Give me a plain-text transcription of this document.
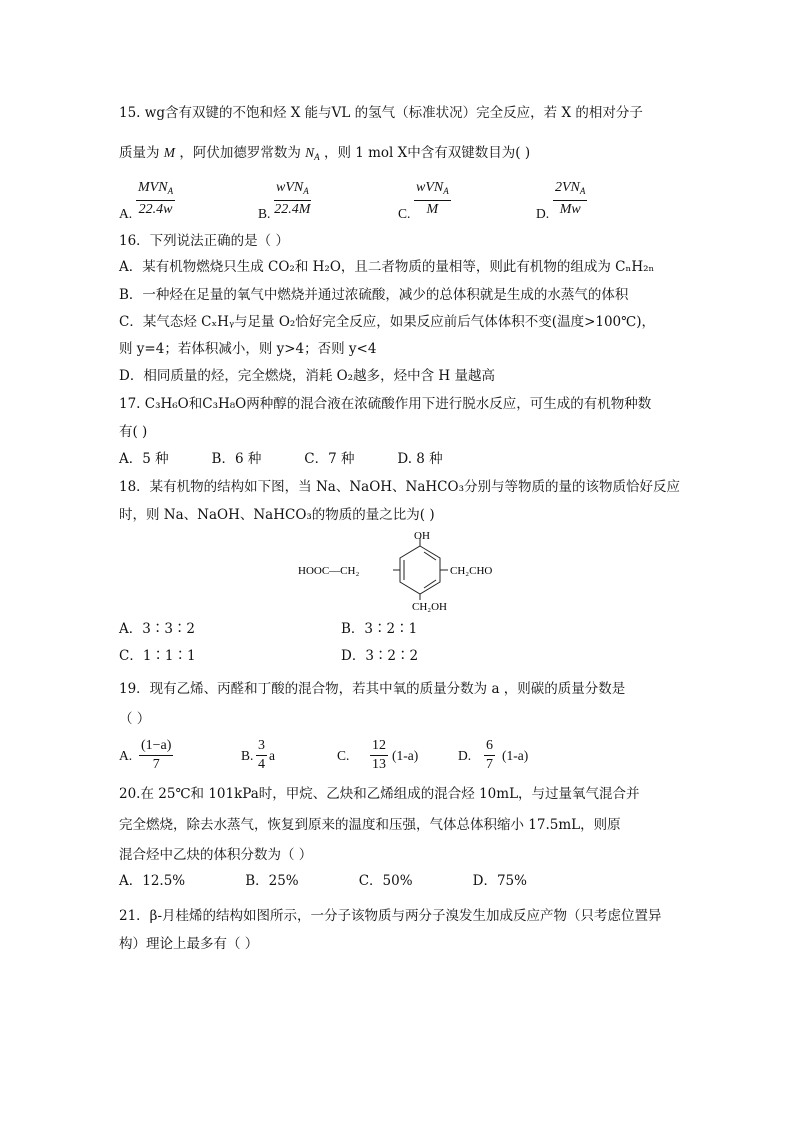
15. wg含有双键的不饱和烃 X 能与VL 的氢气（标准状况）完全反应，若 X 的相对分子
质量为 M ，阿伏加德罗常数为 $N_A$ ，则 1 mol X中含有双键数目为( )
A.
$MVN_A$
22.4w	B.
wVN$_A$
22.4M	C.
wVN$_A$
M	D.
$2VN_A$
Mw
16．下列说法正确的是（ ）
A．某有机物燃烧只生成 CO₂和 H₂O，且二者物质的量相等，则此有机物的组成为 CₙH₂ₙ
B．一种烃在足量的氧气中燃烧并通过浓硫酸，减少的总体积就是生成的水蒸气的体积
C．某气态烃 CₓHᵧ与足量 O₂恰好完全反应，如果反应前后气体体积不变(温度>100℃)，
则 y=4；若体积减小，则 y>4；否则 y<4
D．相同质量的烃，完全燃烧，消耗 O₂越多，烃中含 H 量越高
17. C₃H₆O和C₃H₈O两种醇的混合液在浓硫酸作用下进行脱水反应，可生成的有机物种数
有( )
A．5 种          B．6 种          C．7 种          D. 8 种
18．某有机物的结构如下图，当 Na、NaOH、NaHCO₃分别与等物质的量的该物质恰好反应
时，则 Na、NaOH、NaHCO₃的物质的量之比为( )
OH
HOOC—CH₂	CH₂CHO
CH₂OH
A．3∶3∶2	B．3∶2∶1
C．1∶1∶1	D．3∶2∶2
19．现有乙烯、丙醛和丁酸的混合物，若其中氧的质量分数为 a ，则碳的质量分数是
（ ）
A. $\frac{(1-a)}{7}$	B. $\frac{3}{4}$ a	C. $\frac{12}{13} (1-a)$	D. $\frac{6}{7} (1-a)$
20.在 25℃和 101kPa时，甲烷、乙炔和乙烯组成的混合烃 10mL，与过量氧气混合并
完全燃烧，除去水蒸气，恢复到原来的温度和压强，气体总体积缩小 17.5mL，则原
混合烃中乙炔的体积分数为（ ）
A．12.5%              B．25%              C．50%              D．75%
21．β-月桂烯的结构如图所示，一分子该物质与两分子溴发生加成反应产物（只考虑位置异
构）理论上最多有（ ）
